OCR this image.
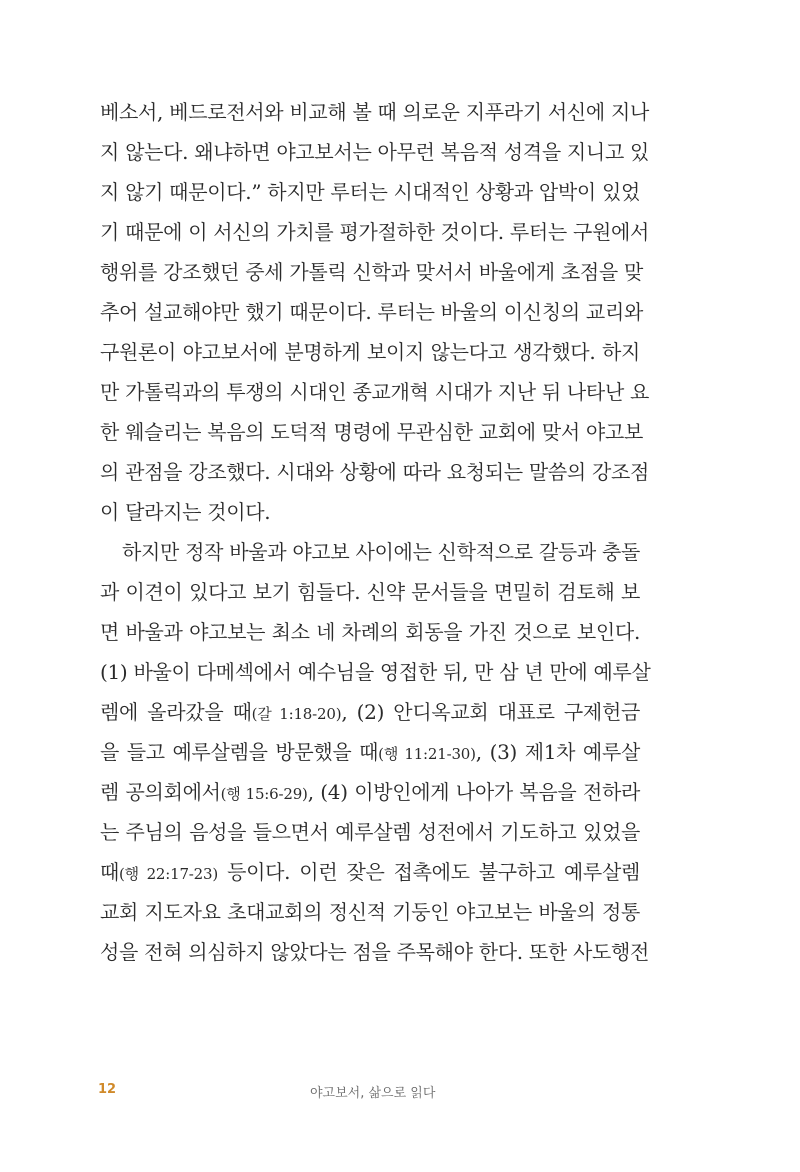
베소서, 베드로전서와 비교해 볼 때 의로운 지푸라기 서신에 지나
지 않는다. 왜냐하면 야고보서는 아무런 복음적 성격을 지니고 있
지 않기 때문이다.” 하지만 루터는 시대적인 상황과 압박이 있었
기 때문에 이 서신의 가치를 평가절하한 것이다. 루터는 구원에서
행위를 강조했던 중세 가톨릭 신학과 맞서서 바울에게 초점을 맞
추어 설교해야만 했기 때문이다. 루터는 바울의 이신칭의 교리와
구원론이 야고보서에 분명하게 보이지 않는다고 생각했다. 하지
만 가톨릭과의 투쟁의 시대인 종교개혁 시대가 지난 뒤 나타난 요
한 웨슬리는 복음의 도덕적 명령에 무관심한 교회에 맞서 야고보
의 관점을 강조했다. 시대와 상황에 따라 요청되는 말씀의 강조점
이 달라지는 것이다.
하지만 정작 바울과 야고보 사이에는 신학적으로 갈등과 충돌
과 이견이 있다고 보기 힘들다. 신약 문서들을 면밀히 검토해 보
면 바울과 야고보는 최소 네 차례의 회동을 가진 것으로 보인다.
(1) 바울이 다메섹에서 예수님을 영접한 뒤, 만 삼 년 만에 예루살
렘에 올라갔을 때(갈 1:18-20), (2) 안디옥교회 대표로 구제헌금
을 들고 예루살렘을 방문했을 때(행 11:21-30), (3) 제1차 예루살
렘 공의회에서(행 15:6-29), (4) 이방인에게 나아가 복음을 전하라
는 주님의 음성을 들으면서 예루살렘 성전에서 기도하고 있었을
때(행 22:17-23) 등이다. 이런 잦은 접촉에도 불구하고 예루살렘
교회 지도자요 초대교회의 정신적 기둥인 야고보는 바울의 정통
성을 전혀 의심하지 않았다는 점을 주목해야 한다. 또한 사도행전
12	야고보서, 삶으로 읽다
